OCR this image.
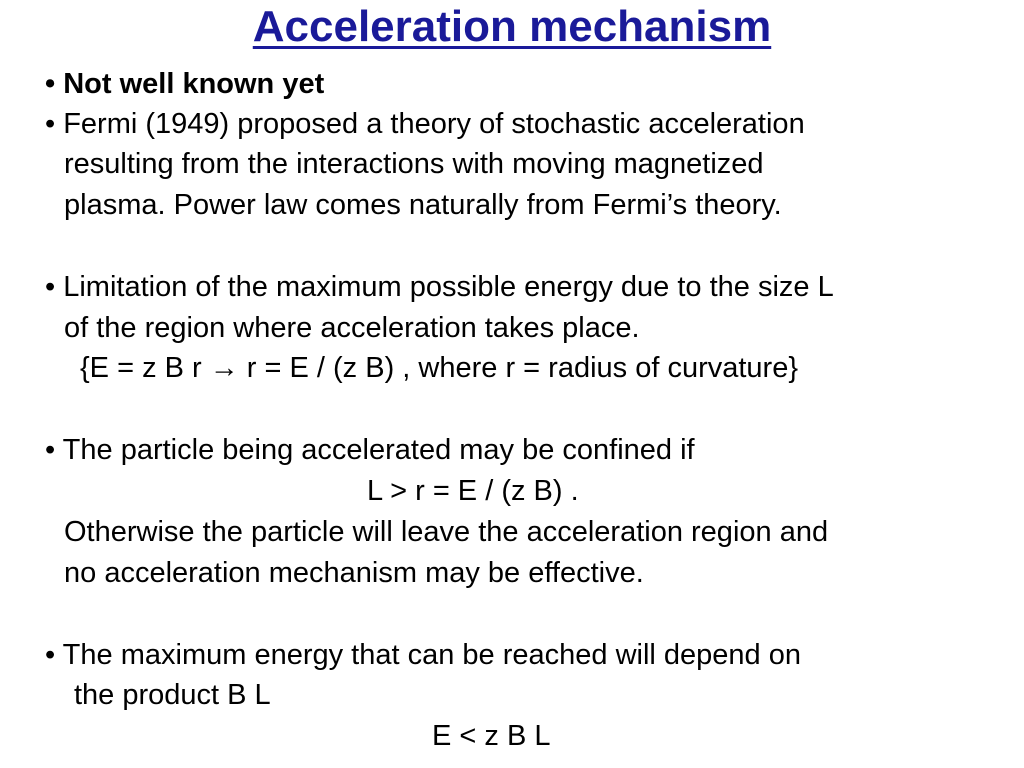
Acceleration mechanism
• Not well known yet
• Fermi (1949) proposed a theory of stochastic acceleration
resulting from the interactions with moving magnetized
plasma. Power law comes naturally from Fermi’s theory.
• Limitation of the maximum possible energy due to the size L
of the region where acceleration takes place.
{E = z B r → r = E / (z B) , where r = radius of curvature}
• The particle being accelerated may be confined if
L > r = E / (z B) .
Otherwise the particle will leave the acceleration region and
no acceleration mechanism may be effective.
• The maximum energy that can be reached will depend on
the product B L
E < z B L
